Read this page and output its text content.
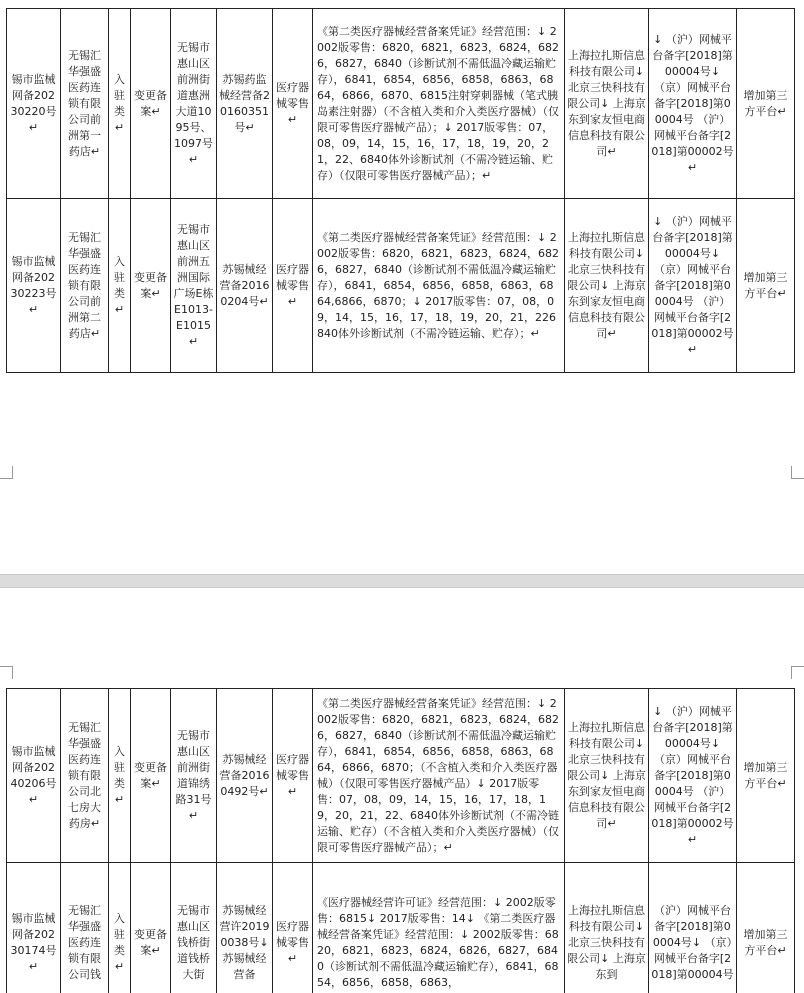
锡市监械网备20230220号↵	无锡汇华强盛医药连锁有限公司前洲第一药店↵	入驻类↵	变更备案↵	无锡市惠山区前洲街道惠洲大道1095号、1097号↵	苏锡药监械经营备20160351号↵	医疗器械零售↵	《第二类医疗器械经营备案凭证》经营范围：↓ 2002版零售：6820，6821，6823，6824，6826，6827，6840（诊断试剂不需低温冷藏运输贮存），6841，6854，6856，6858，6863，6864，6866，6870、6815注射穿刺器械（笔式胰岛素注射器）（不含植入类和介入类医疗器械）（仅限可零售医疗器械产品）；↓ 2017版零售：07，08，09，14，15，16，17，18，19，20，21，22、6840体外诊断试剂（不需冷链运输、贮存）（仅限可零售医疗器械产品）；↵	上海拉扎斯信息科技有限公司↓ 北京三快科技有限公司↓ 上海京东到家友恒电商信息科技有限公司↵	↓ （沪）网械平台备字[2018]第00004号↓ （京）网械平台备字[2018]第00004号 （沪）网械平台备字[2018]第00002号↵	增加第三方平台↵
锡市监械网备20230223号↵	无锡汇华强盛医药连锁有限公司前洲第二药店↵	入驻类↵	变更备案↵	无锡市惠山区前洲五洲国际广场E栋E1013-E1015↵	苏锡械经营备20160204号↵	医疗器械零售↵	《第二类医疗器械经营备案凭证》经营范围：↓ 2002版零售：6820，6821，6823，6824，6826，6827，6840（诊断试剂不需低温冷藏运输贮存），6841，6854，6856，6858，6863，6864,6866，6870；↓ 2017版零售：07，08，09，14，15，16，17，18，19，20，21，226840体外诊断试剂（不需冷链运输、贮存）；↵	上海拉扎斯信息科技有限公司↓ 北京三快科技有限公司↓ 上海京东到家友恒电商信息科技有限公司↵	↓ （沪）网械平台备字[2018]第00004号↓ （京）网械平台备字[2018]第00004号 （沪）网械平台备字[2018]第00002号↵	增加第三方平台↵
锡市监械网备20240206号↵	无锡汇华强盛医药连锁有限公司北七房大药房↵	入驻类↵	变更备案↵	无锡市惠山区前洲街道锦绣路31号↵	苏锡械经营备20160492号↵	医疗器械零售↵	《第二类医疗器械经营备案凭证》经营范围：↓ 2002版零售：6820，6821，6823，6824，6826，6827，6840（诊断试剂不需低温冷藏运输贮存），6841，6854，6856，6858，6863，6864，6866，6870；（不含植入类和介入类医疗器械）（仅限可零售医疗器械产品）↓ 2017版零售：07，08，09，14，15，16，17，18，19，20，21，22、6840体外诊断试剂（不需冷链运输、贮存）（不含植入类和介入类医疗器械）（仅限可零售医疗器械产品）；↵	上海拉扎斯信息科技有限公司↓ 北京三快科技有限公司↓ 上海京东到家友恒电商信息科技有限公司↵	↓ （沪）网械平台备字[2018]第00004号↓ （京）网械平台备字[2018]第00004号 （沪）网械平台备字[2018]第00002号↵	增加第三方平台↵
锡市监械网备20230174号↵	无锡汇华强盛医药连锁有限公司钱	入驻类↵	变更备案↵	无锡市惠山区钱桥街道钱桥大街	苏锡械经营许20190038号↓ 苏锡械经营备	医疗器械零售↵	《医疗器械经营许可证》经营范围：↓ 2002版零售：6815↓ 2017版零售：14↓ 《第二类医疗器械经营备案凭证》经营范围：↓ 2002版零售：6820，6821，6823，6824，6826，6827，6840（诊断试剂不需低温冷藏运输贮存），6841，6854，6856，6858，6863，	上海拉扎斯信息科技有限公司↓ 北京三快科技有限公司↓ 上海京东到	（沪）网械平台备字[2018]第00004号↓ （京）网械平台备字[2018]第00004号	增加第三方平台↵
